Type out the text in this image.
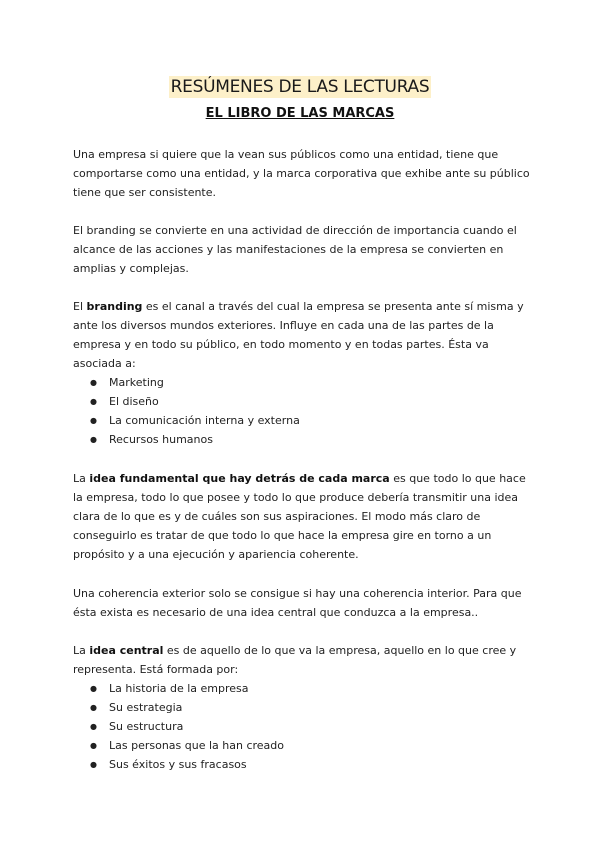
RESÚMENES DE LAS LECTURAS
EL LIBRO DE LAS MARCAS

Una empresa si quiere que la vean sus públicos como una entidad, tiene que comportarse como una entidad, y la marca corporativa que exhibe ante su público tiene que ser consistente.

El branding se convierte en una actividad de dirección de importancia cuando el alcance de las acciones y las manifestaciones de la empresa se convierten en amplias y complejas.

El branding es el canal a través del cual la empresa se presenta ante sí misma y ante los diversos mundos exteriores. Influye en cada una de las partes de la empresa y en todo su público, en todo momento y en todas partes. Ésta va asociada a:

● Marketing
● El diseño
● La comunicación interna y externa
● Recursos humanos

La idea fundamental que hay detrás de cada marca es que todo lo que hace la empresa, todo lo que posee y todo lo que produce debería transmitir una idea clara de lo que es y de cuáles son sus aspiraciones. El modo más claro de conseguirlo es tratar de que todo lo que hace la empresa gire en torno a un propósito y a una ejecución y apariencia coherente.

Una coherencia exterior solo se consigue si hay una coherencia interior. Para que ésta exista es necesario de una idea central que conduzca a la empresa..

La idea central es de aquello de lo que va la empresa, aquello en lo que cree y representa. Está formada por:

● La historia de la empresa
● Su estrategia
● Su estructura
● Las personas que la han creado
● Sus éxitos y sus fracasos
